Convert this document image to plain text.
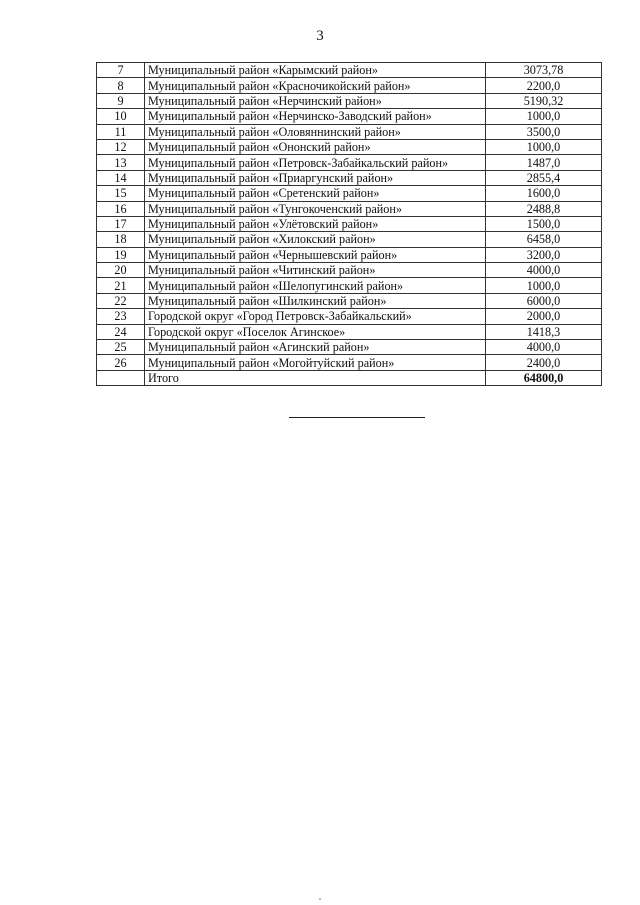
3
7	Муниципальный район «Карымский район»	3073,78
8	Муниципальный район «Красночикойский район»	2200,0
9	Муниципальный район «Нерчинский район»	5190,32
10	Муниципальный район «Нерчинско-Заводский район»	1000,0
11	Муниципальный район «Оловяннинский район»	3500,0
12	Муниципальный район «Ононский район»	1000,0
13	Муниципальный район «Петровск-Забайкальский район»	1487,0
14	Муниципальный район «Приаргунский район»	2855,4
15	Муниципальный район «Сретенский район»	1600,0
16	Муниципальный район «Тунгокоченский район»	2488,8
17	Муниципальный район «Улётовский район»	1500,0
18	Муниципальный район «Хилокский район»	6458,0
19	Муниципальный район «Чернышевский район»	3200,0
20	Муниципальный район «Читинский район»	4000,0
21	Муниципальный район «Шелопугинский район»	1000,0
22	Муниципальный район «Шилкинский район»	6000,0
23	Городской округ «Город Петровск-Забайкальский»	2000,0
24	Городской округ «Поселок Агинское»	1418,3
25	Муниципальный район «Агинский район»	4000,0
26	Муниципальный район «Могойтуйский район»	2400,0
	Итого	64800,0
